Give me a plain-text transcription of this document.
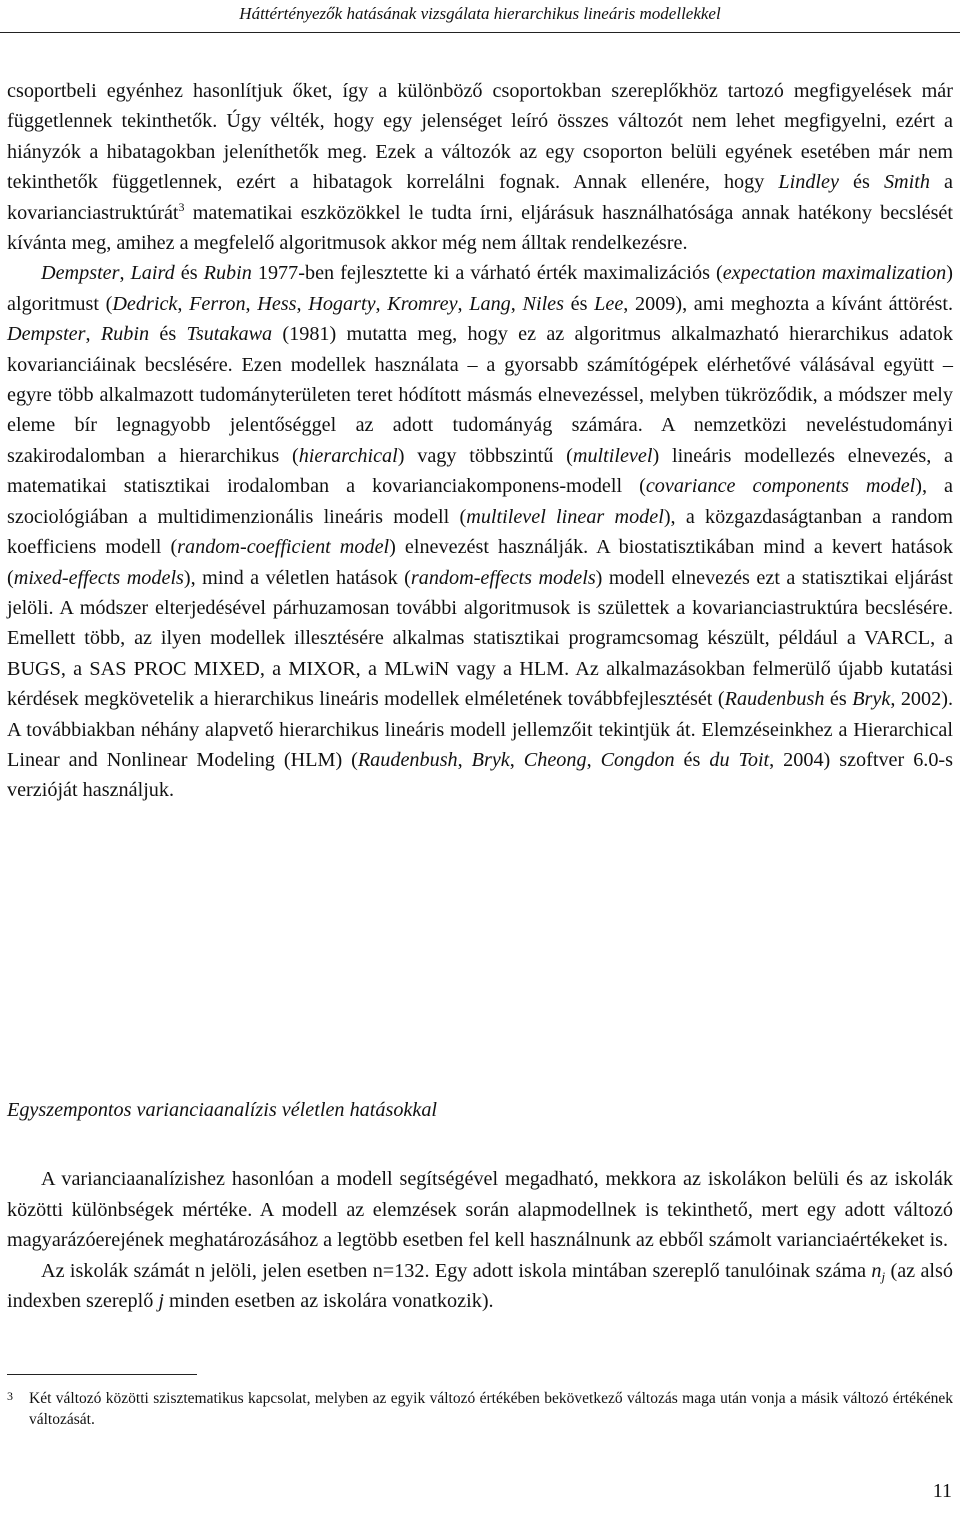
Háttértényezők hatásának vizsgálata hierarchikus lineáris modellekkel

csoportbeli egyénhez hasonlítjuk őket, így a különböző csoportokban szereplőkhöz tartozó megfigyelések már függetlennek tekinthetők. Úgy vélték, hogy egy jelenséget leíró összes változót nem lehet megfigyelni, ezért a hiányzók a hibatagokban jeleníthetők meg. Ezek a változók az egy csoporton belüli egyének esetében már nem tekinthetők függetlennek, ezért a hibatagok korrelálni fognak. Annak ellenére, hogy Lindley és Smith a kovarianciastruktúrát$^3$ matematikai eszközökkel le tudta írni, eljárásuk használhatósága annak hatékony becslését kívánta meg, amihez a megfelelő algoritmusok akkor még nem álltak rendelkezésre.
Dempster, Laird és Rubin 1977-ben fejlesztette ki a várható érték maximalizációs (expectation maximalization) algoritmust (Dedrick, Ferron, Hess, Hogarty, Kromrey, Lang, Niles és Lee, 2009), ami meghozta a kívánt áttörést. Dempster, Rubin és Tsutakawa (1981) mutatta meg, hogy ez az algoritmus alkalmazható hierarchikus adatok kovarianciáinak becslésére. Ezen modellek használata – a gyorsabb számítógépek elérhetővé válásával együtt – egyre több alkalmazott tudományterületen teret hódított másmás elnevezéssel, melyben tükröződik, a módszer mely eleme bír legnagyobb jelentőséggel az adott tudományág számára. A nemzetközi neveléstudományi szakirodalomban a hierarchikus (hierarchical) vagy többszintű (multilevel) lineáris modellezés elnevezés, a matematikai statisztikai irodalomban a kovarianciakomponens-modell (covariance components model), a szociológiában a multidimenzionális lineáris modell (multilevel linear model), a közgazdaságtanban a random koefficiens modell (random-coefficient model) elnevezést használják. A biostatisztikában mind a kevert hatások (mixed-effects models), mind a véletlen hatások (random-effects models) modell elnevezés ezt a statisztikai eljárást jelöli. A módszer elterjedésével párhuzamosan további algoritmusok is születtek a kovarianciastruktúra becslésére. Emellett több, az ilyen modellek illesztésére alkalmas statisztikai programcsomag készült, például a VARCL, a BUGS, a SAS PROC MIXED, a MIXOR, a MLwiN vagy a HLM. Az alkalmazásokban felmerülő újabb kutatási kérdések megkövetelik a hierarchikus lineáris modellek elméletének továbbfejlesztését (Raudenbush és Bryk, 2002). A továbbiakban néhány alapvető hierarchikus lineáris modell jellemzőit tekintjük át. Elemzéseinkhez a Hierarchical Linear and Nonlinear Modeling (HLM) (Raudenbush, Bryk, Cheong, Congdon és du Toit, 2004) szoftver 6.0-s verzióját használjuk.

Egyszempontos varianciaanalízis véletlen hatásokkal

A varianciaanalízishez hasonlóan a modell segítségével megadható, mekkora az iskolákon belüli és az iskolák közötti különbségek mértéke. A modell az elemzések során alapmodellnek is tekinthető, mert egy adott változó magyarázóerejének meghatározásához a legtöbb esetben fel kell használnunk az ebből számolt varianciaértékeket is.
Az iskolák számát n jelöli, jelen esetben n=132. Egy adott iskola mintában szereplő tanulóinak száma $n_j$ (az alsó indexben szereplő j minden esetben az iskolára vonatkozik).

3	Két változó közötti szisztematikus kapcsolat, melyben az egyik változó értékében bekövetkező változás maga után vonja a másik változó értékének változását.
11
